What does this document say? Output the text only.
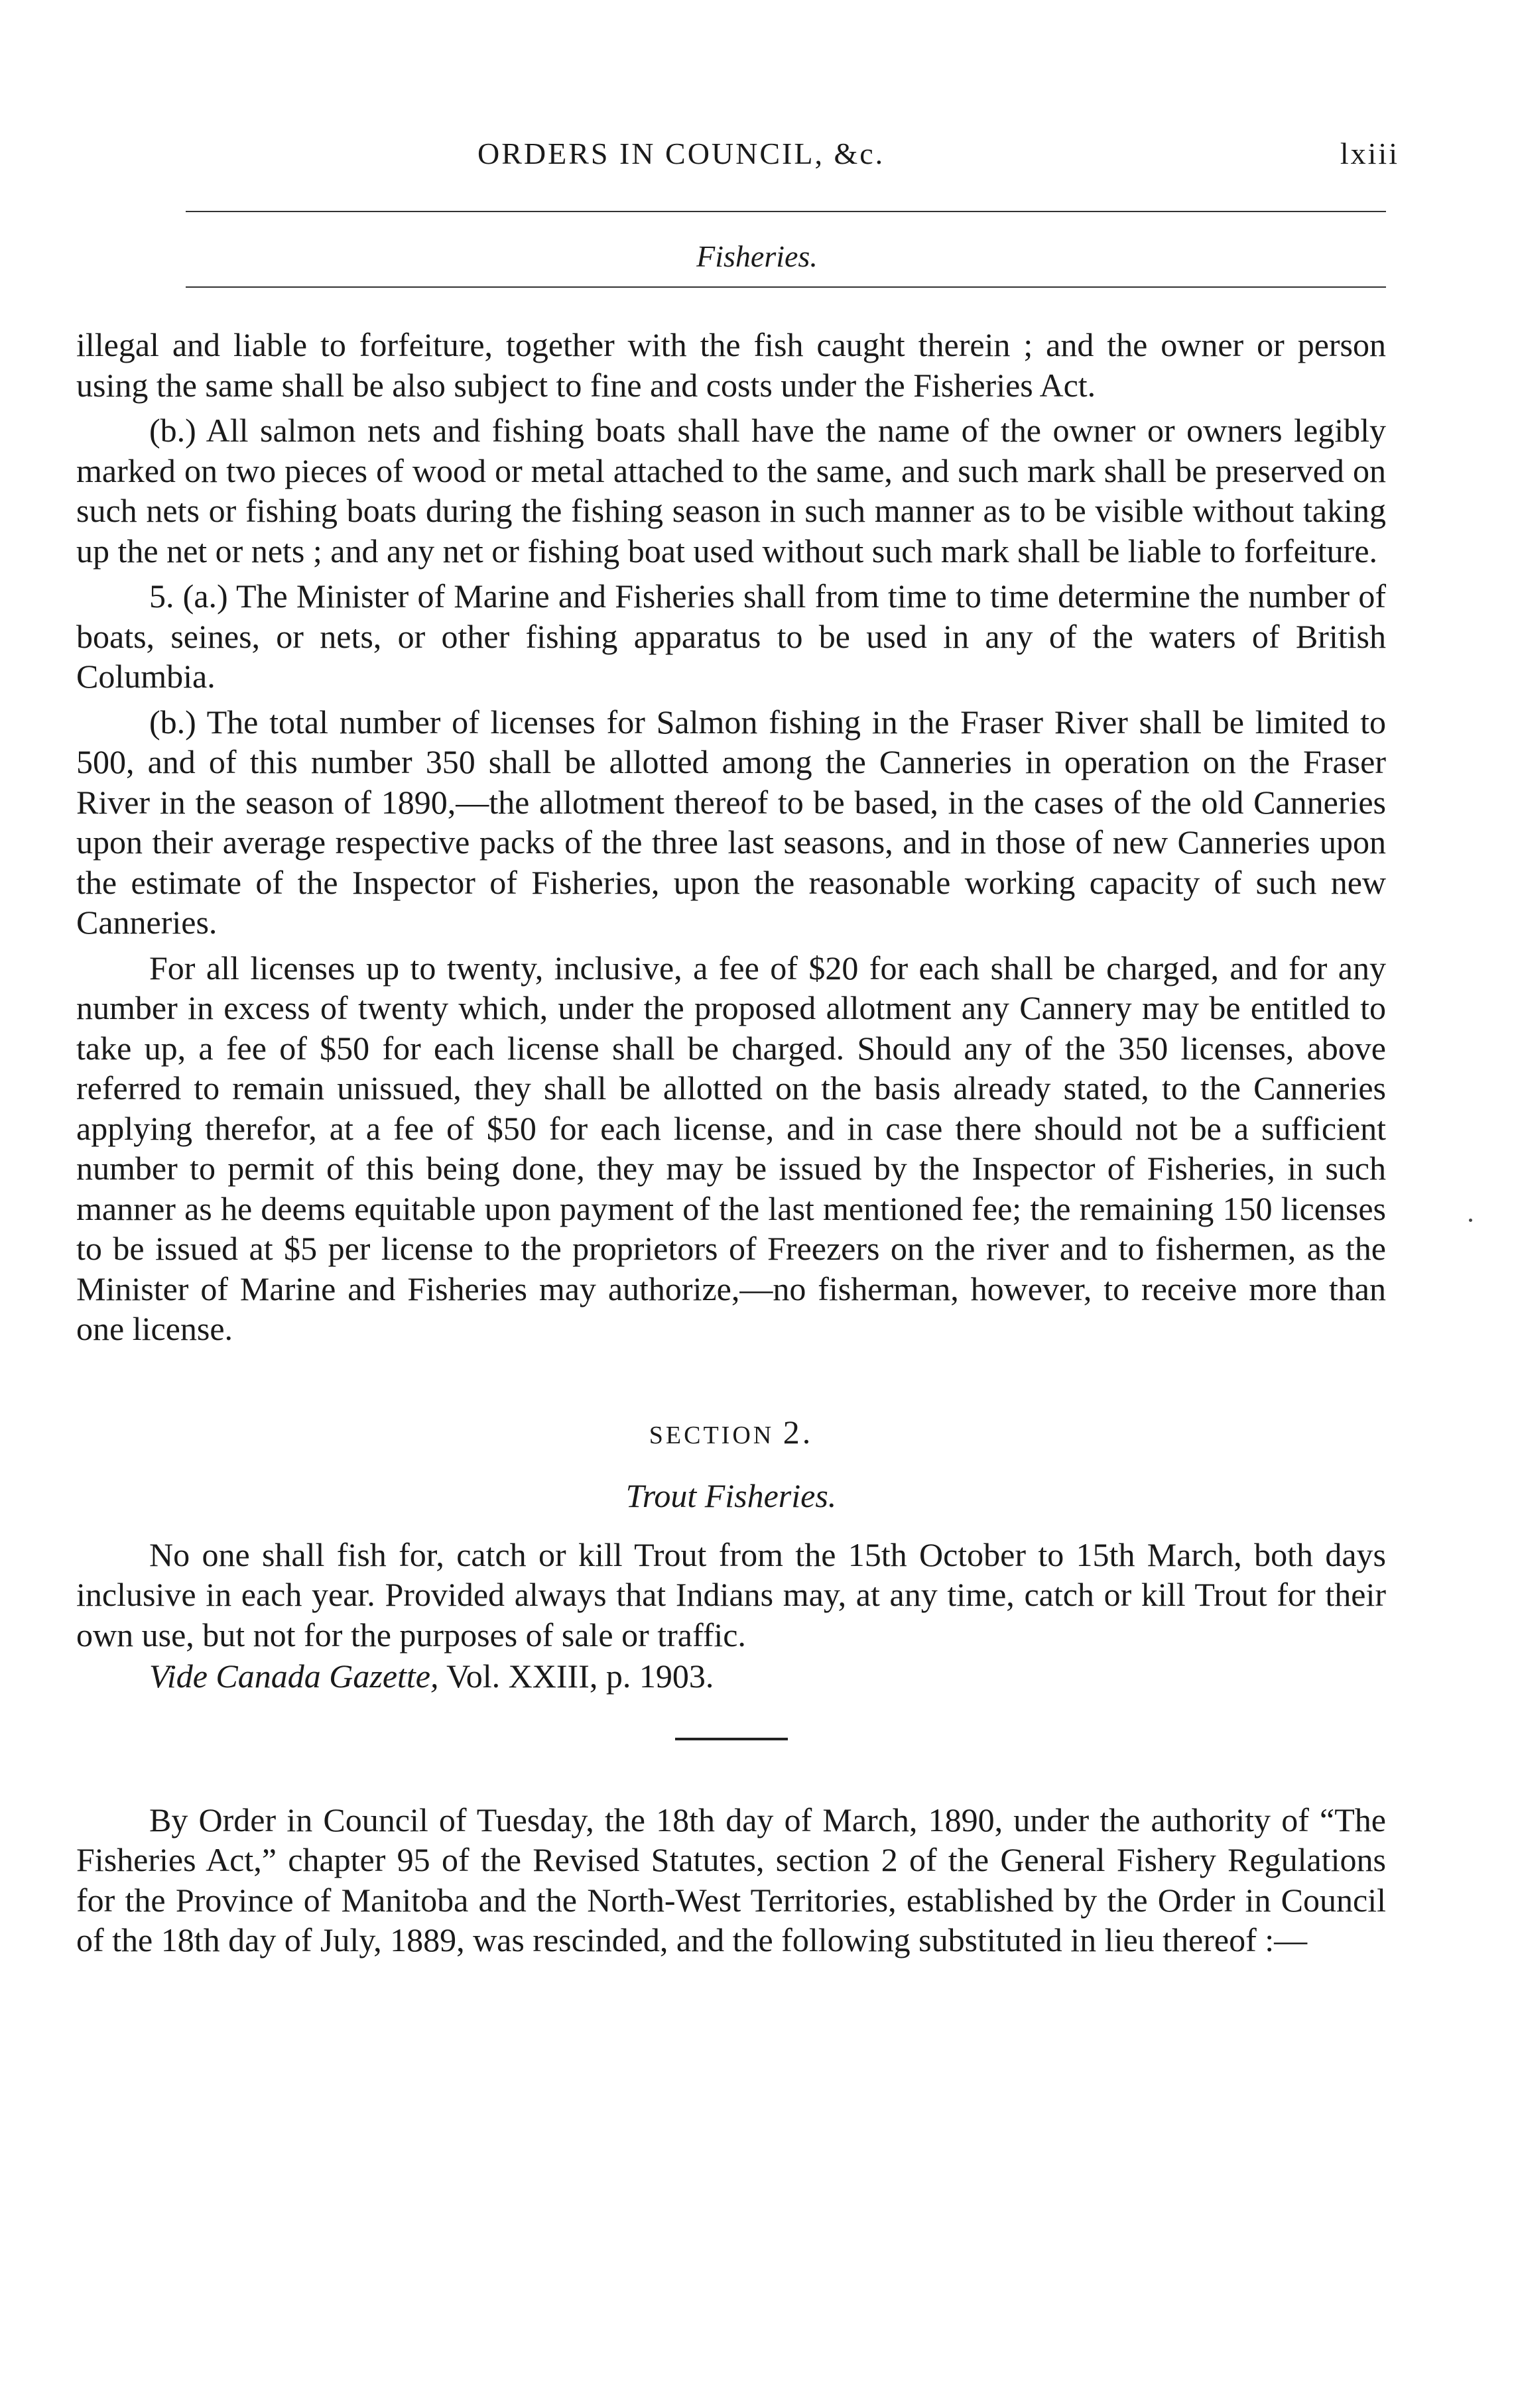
ORDERS IN COUNCIL, &c.	lxiii
Fisheries.

illegal and liable to forfeiture, together with the fish caught therein ; and the owner or person using the same shall be also subject to fine and costs under the Fisheries Act.

(b.) All salmon nets and fishing boats shall have the name of the owner or owners legibly marked on two pieces of wood or metal attached to the same, and such mark shall be preserved on such nets or fishing boats during the fishing season in such manner as to be visible without taking up the net or nets ; and any net or fishing boat used without such mark shall be liable to forfeiture.

5. (a.) The Minister of Marine and Fisheries shall from time to time determine the number of boats, seines, or nets, or other fishing apparatus to be used in any of the waters of British Columbia.

(b.) The total number of licenses for Salmon fishing in the Fraser River shall be limited to 500, and of this number 350 shall be allotted among the Canneries in operation on the Fraser River in the season of 1890,—the allotment thereof to be based, in the cases of the old Canneries upon their average respective packs of the three last seasons, and in those of new Canneries upon the estimate of the Inspector of Fisheries, upon the reasonable working capacity of such new Canneries.

For all licenses up to twenty, inclusive, a fee of $20 for each shall be charged, and for any number in excess of twenty which, under the proposed allotment any Cannery may be entitled to take up, a fee of $50 for each license shall be charged. Should any of the 350 licenses, above referred to remain unissued, they shall be allotted on the basis already stated, to the Canneries applying therefor, at a fee of $50 for each license, and in case there should not be a sufficient number to permit of this being done, they may be issued by the Inspector of Fisheries, in such manner as he deems equitable upon payment of the last mentioned fee; the remaining 150 licenses to be issued at $5 per license to the proprietors of Freezers on the river and to fishermen, as the Minister of Marine and Fisheries may authorize,—no fisherman, however, to receive more than one license.

SECTION 2.
Trout Fisheries.

No one shall fish for, catch or kill Trout from the 15th October to 15th March, both days inclusive in each year. Provided always that Indians may, at any time, catch or kill Trout for their own use, but not for the purposes of sale or traffic.

Vide Canada Gazette, Vol. XXIII, p. 1903.

By Order in Council of Tuesday, the 18th day of March, 1890, under the authority of “The Fisheries Act,” chapter 95 of the Revised Statutes, section 2 of the General Fishery Regulations for the Province of Manitoba and the North-West Territories, established by the Order in Council of the 18th day of July, 1889, was rescinded, and the following substituted in lieu thereof :—
